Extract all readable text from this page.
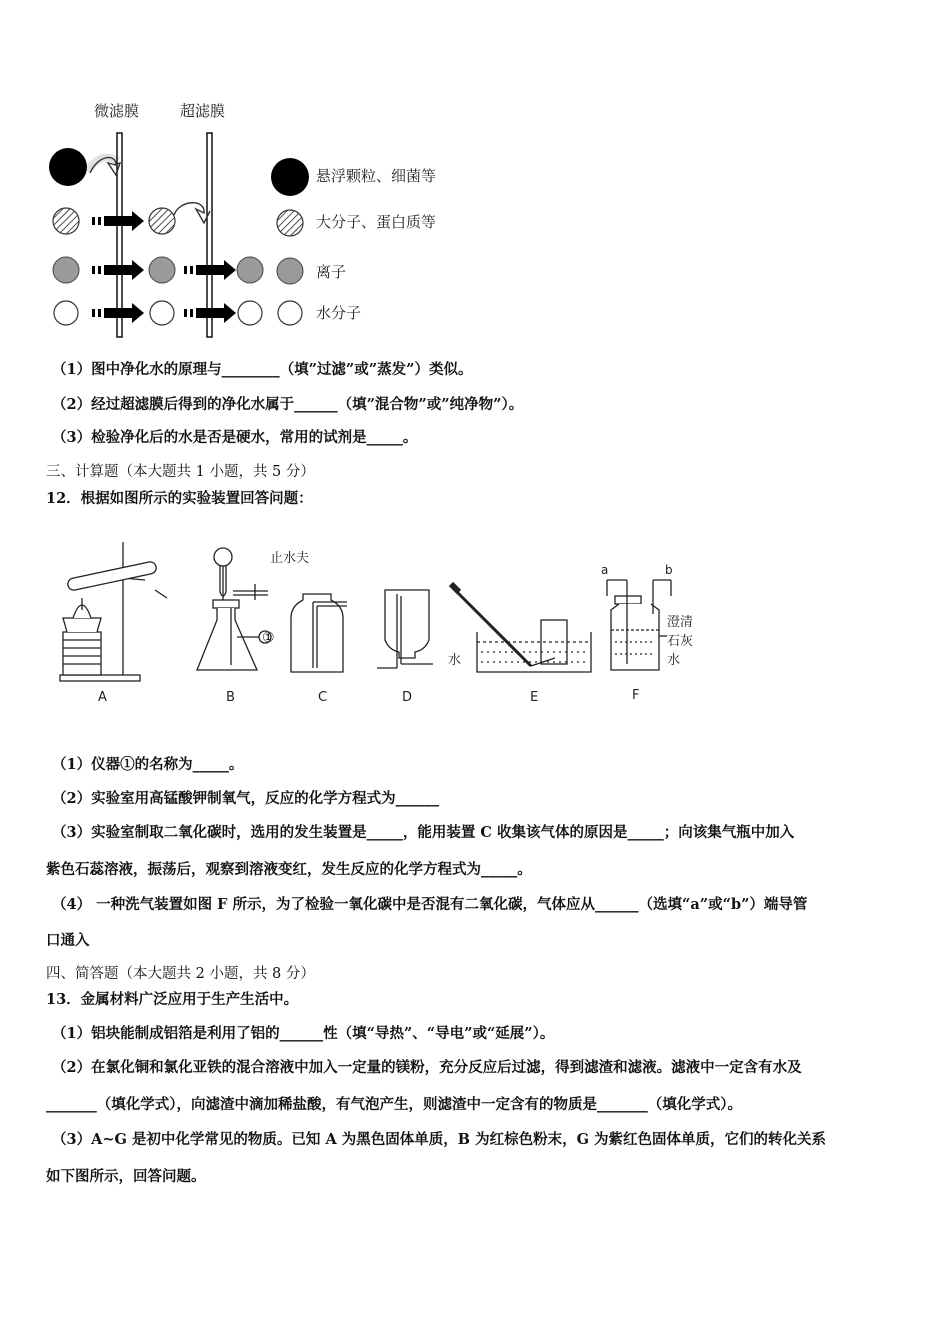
微滤膜	超滤膜
悬浮颗粒、细菌等
大分子、蛋白质等
离子
水分子
（1）图中净化水的原理与________（填”过滤”或”蒸发”）类似。
（2）经过超滤膜后得到的净化水属于______（填”混合物”或”纯净物”）。
（3）检验净化后的水是否是硬水，常用的试剂是_____。
三、计算题（本大题共 1 小题，共 5 分）
12．根据如图所示的实验装置回答问题：
止水夫
①
水
a	b
澄清
石灰
水
A	B	C	D	E	F
（1）仪器①的名称为_____。
（2）实验室用高锰酸钾制氧气，反应的化学方程式为______
（3）实验室制取二氧化碳时，选用的发生装置是_____，能用装置 C 收集该气体的原因是_____；向该集气瓶中加入
紫色石蕊溶液，振荡后，观察到溶液变红，发生反应的化学方程式为_____。
（4） 一种洗气装置如图 F 所示，为了检验一氧化碳中是否混有二氧化碳，气体应从______（选填“a”或“b”）端导管
口通入
四、简答题（本大题共 2 小题，共 8 分）
13．金属材料广泛应用于生产生活中。
（1）铝块能制成铝箔是利用了铝的______性（填“导热”、“导电”或“延展”）。
（2）在氯化铜和氯化亚铁的混合溶液中加入一定量的镁粉，充分反应后过滤，得到滤渣和滤液。滤液中一定含有水及
_______（填化学式），向滤渣中滴加稀盐酸，有气泡产生，则滤渣中一定含有的物质是_______（填化学式）。
（3）A~G 是初中化学常见的物质。已知 A 为黑色固体单质，B 为红棕色粉末，G 为紫红色固体单质，它们的转化关系
如下图所示，回答问题。
